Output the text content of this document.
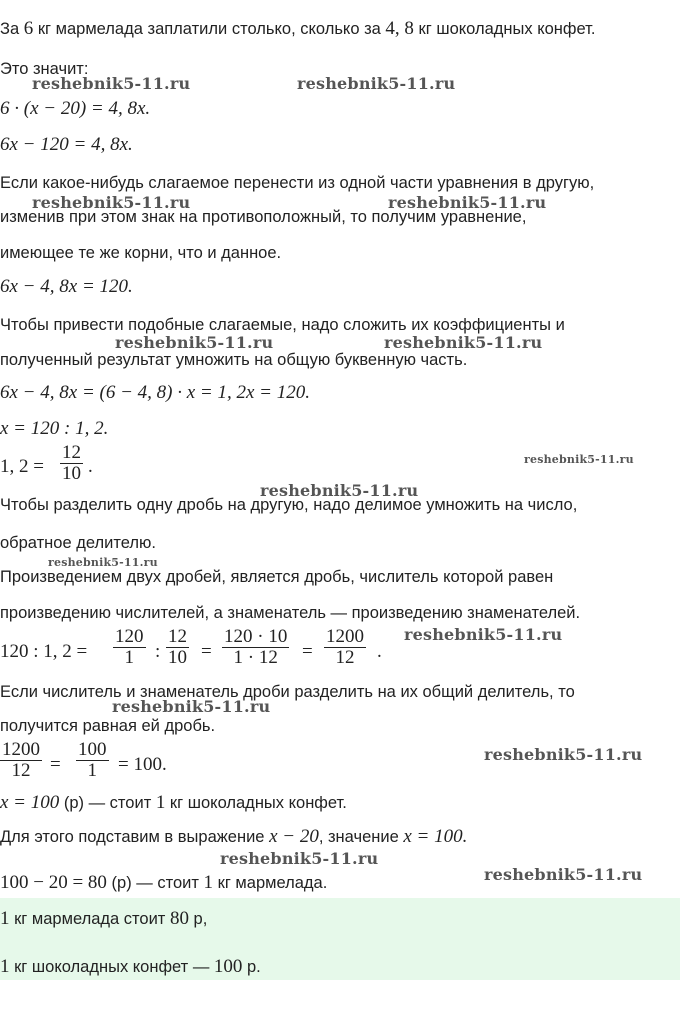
За 6 кг мармелада заплатили столько, сколько за 4, 8 кг шоколадных конфет.
Это значит:
6 · (x − 20) = 4, 8x.
6x − 120 = 4, 8x.
Если какое-нибудь слагаемое перенести из одной части уравнения в другую,
изменив при этом знак на противоположный, то получим уравнение,
имеющее те же корни, что и данное.
6x − 4, 8x = 120.
Чтобы привести подобные слагаемые, надо сложить их коэффициенты и
полученный результат умножить на общую буквенную часть.
6x − 4, 8x = (6 − 4, 8) · x = 1, 2x = 120.
x = 120 : 1, 2.
1, $2 = \frac{12}{10}$ .
Чтобы разделить одну дробь на другую, надо делимое умножить на число,
обратное делителю.
Произведением двух дробей, является дробь, числитель которой равен
произведению числителей, а знаменатель — произведению знаменателей.
120 : 1, $2 = \frac{120}{1}$ : $\frac{12}{10} = \frac{120 \cdot 10}{1 \cdot 12} = \frac{1200}{12}$ .
Если числитель и знаменатель дроби разделить на их общий делитель, то
получится равная ей дробь.
$\frac{1200}{12} = \frac{100}{1} = 100$.
x = 100 (р) — стоит 1 кг шоколадных конфет.
Для этого подставим в выражение x − 20, значение x = 100.
100 − 20 = 80 (р) — стоит 1 кг мармелада.
1 кг мармелада стоит 80 р,
1 кг шоколадных конфет — 100 р.
reshebnik5-11.ru	reshebnik5-11.ru
reshebnik5-11.ru	reshebnik5-11.ru
reshebnik5-11.ru	reshebnik5-11.ru
reshebnik5-11.ru
reshebnik5-11.ru
reshebnik5-11.ru
reshebnik5-11.ru
reshebnik5-11.ru
reshebnik5-11.ru
reshebnik5-11.ru
reshebnik5-11.ru
